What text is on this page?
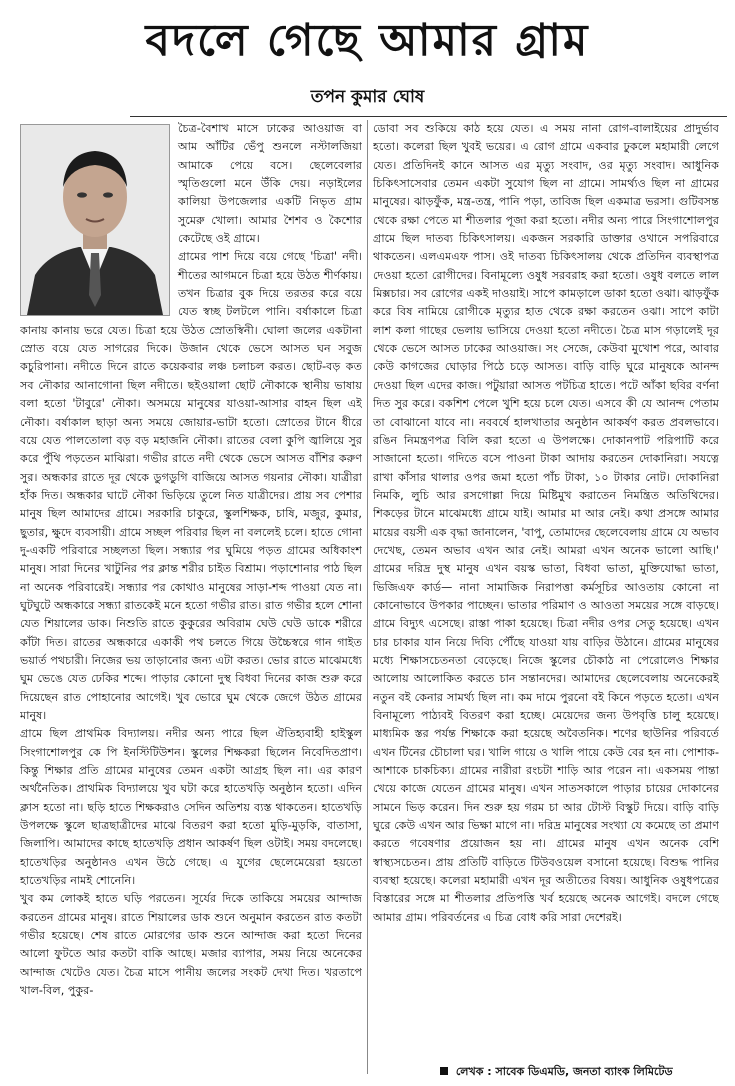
বদলে গেছে আমার গ্রাম
তপন কুমার ঘোষ

চৈত্র-বৈশাখ মাসে ঢাকের আওয়াজ বা আম আঁটির ভেঁপু শুনলে নস্টালজিয়া আমাকে পেয়ে বসে। ছেলেবেলার স্মৃতিগুলো মনে উঁকি দেয়। নড়াইলের কালিয়া উপজেলার একটি নিভৃত গ্রাম সুমেরু খোলা। আমার শৈশব ও কৈশোর কেটেছে ওই গ্রামে।

গ্রামের পাশ দিয়ে বয়ে গেছে 'চিত্রা' নদী। শীতের আগমনে চিত্রা হয়ে উঠত শীর্ণকায়। তখন চিত্রার বুক দিয়ে তরতর করে বয়ে যেত স্বচ্ছ টলটলে পানি। বর্ষাকালে চিত্রা কানায় কানায় ভরে যেত। চিত্রা হয়ে উঠত স্রোতস্বিনী। ঘোলা জলের একটানা স্রোত বয়ে যেত সাগরের দিকে। উজান থেকে ভেসে আসত ঘন সবুজ কচুরিপানা। নদীতে দিনে রাতে কয়েকবার লঞ্চ চলাচল করত। ছোট-বড় কত সব নৌকার আনাগোনা ছিল নদীতে। ছইওয়ালা ছোট নৌকাকে স্থানীয় ভাষায় বলা হতো 'টাবুরে' নৌকা। অসময়ে মানুষের যাওয়া-আসার বাহন ছিল এই নৌকা। বর্ষাকাল ছাড়া অন্য সময়ে জোয়ার-ভাটা হতো। স্রোতের টানে ধীরে বয়ে যেত পালতোলা বড় বড় মহাজনি নৌকা। রাতের বেলা কুপি জ্বালিয়ে সুর করে পুঁথি পড়তেন মাঝিরা। গভীর রাতে নদী থেকে ভেসে আসত বাঁশির করুণ সুর। অন্ধকার রাতে দূর থেকে ডুগডুগি বাজিয়ে আসত গয়নার নৌকা। যাত্রীরা হাঁক দিত। অন্ধকার ঘাটে নৌকা ভিড়িয়ে তুলে নিত যাত্রীদের। প্রায় সব পেশার মানুষ ছিল আমাদের গ্রামে। সরকারি চাকুরে, স্কুলশিক্ষক, চাষি, মজুর, কুমার, ছুতার, ক্ষুদে ব্যবসায়ী। গ্রামে সচ্ছল পরিবার ছিল না বললেই চলে। হাতে গোনা দু-একটি পরিবারে সচ্ছলতা ছিল। সন্ধ্যার পর ঘুমিয়ে পড়ত গ্রামের অধিকাংশ মানুষ। সারা দিনের খাটুনির পর ক্লান্ত শরীর চাইত বিশ্রাম। পড়াশোনার পাঠ ছিল না অনেক পরিবারেই। সন্ধ্যার পর কোথাও মানুষের সাড়া-শব্দ পাওয়া যেত না। ঘুটঘুটে অন্ধকারে সন্ধ্যা রাতকেই মনে হতো গভীর রাত। রাত গভীর হলে শোনা যেত শিয়ালের ডাক। নিশুতি রাতে কুকুরের অবিরাম ঘেউ ঘেউ ডাকে শরীরে কাঁটা দিত। রাতের অন্ধকারে একাকী পথ চলতে গিয়ে উচ্চৈস্বরে গান গাইত ভয়ার্ত পথচারী। নিজের ভয় তাড়ানোর জন্য এটা করত। ভোর রাতে মাঝেমধ্যে ঘুম ভেঙে যেত ঢেকির শব্দে। পাড়ার কোনো দুস্থ বিধবা দিনের কাজ শুরু করে দিয়েছেন রাত পোহানোর আগেই। খুব ভোরে ঘুম থেকে জেগে উঠত গ্রামের মানুষ।

গ্রামে ছিল প্রাথমিক বিদ্যালয়। নদীর অন্য পারে ছিল ঐতিহ্যবাহী হাইস্কুল সিংগাশোলপুর কে পি ইনস্টিটিউশন। স্কুলের শিক্ষকরা ছিলেন নিবেদিতপ্রাণ। কিন্তু শিক্ষার প্রতি গ্রামের মানুষের তেমন একটা আগ্রহ ছিল না। এর কারণ অর্থনৈতিক। প্রাথমিক বিদ্যালয়ে খুব ঘটা করে হাতেখড়ি অনুষ্ঠান হতো। এদিন ক্লাস হতো না। ছড়ি হাতে শিক্ষকরাও সেদিন অতিশয় ব্যস্ত থাকতেন। হাতেখড়ি উপলক্ষে স্কুলে ছাত্রছাত্রীদের মাঝে বিতরণ করা হতো মুড়ি-মুড়কি, বাতাসা, জিলাপি। আমাদের কাছে হাতেখড়ি প্রধান আকর্ষণ ছিল ওটাই। সময় বদলেছে। হাতেখড়ির অনুষ্ঠানও এখন উঠে গেছে। এ যুগের ছেলেমেয়েরা হয়তো হাতেখড়ির নামই শোনেনি।

খুব কম লোকই হাতে ঘড়ি পরতেন। সূর্যের দিকে তাকিয়ে সময়ের আন্দাজ করতেন গ্রামের মানুষ। রাতে শিয়ালের ডাক শুনে অনুমান করতেন রাত কতটা গভীর হয়েছে। শেষ রাতে মোরগের ডাক শুনে আন্দাজ করা হতো দিনের আলো ফুটতে আর কতটা বাকি আছে। মজার ব্যাপার, সময় নিয়ে অনেকের আন্দাজ খেটেও যেত। চৈত্র মাসে পানীয় জলের সংকট দেখা দিত। খরতাপে খাল-বিল, পুকুর-

ডোবা সব শুকিয়ে কাঠ হয়ে যেত। এ সময় নানা রোগ-বালাইয়ের প্রাদুর্ভাব হতো। কলেরা ছিল খুবই ভয়ের। এ রোগ গ্রামে একবার ঢুকলে মহামারী লেগে যেত। প্রতিদিনই কানে আসত এর মৃত্যু সংবাদ, ওর মৃত্যু সংবাদ। আধুনিক চিকিৎসাসেবার তেমন একটা সুযোগ ছিল না গ্রামে। সামর্থ্যও ছিল না গ্রামের মানুষের। ঝাড়ফুঁক, মন্ত্র-তন্ত্র, পানি পড়া, তাবিজ ছিল একমাত্র ভরসা। গুটিবসন্ত থেকে রক্ষা পেতে মা শীতলার পূজা করা হতো। নদীর অন্য পারে সিংগাশোলপুর গ্রামে ছিল দাতব্য চিকিৎসালয়। একজন সরকারি ডাক্তার ওখানে সপরিবারে থাকতেন। এলএমএফ পাস। ওই দাতব্য চিকিৎসালয় থেকে প্রতিদিন ব্যবস্থাপত্র দেওয়া হতো রোগীদের। বিনামূল্যে ওষুধ সরবরাহ করা হতো। ওষুধ বলতে লাল মিক্সচার। সব রোগের একই দাওয়াই। সাপে কামড়ালে ডাকা হতো ওঝা। ঝাড়ফুঁক করে বিষ নামিয়ে রোগীকে মৃত্যুর হাত থেকে রক্ষা করতেন ওঝা। সাপে কাটা লাশ কলা গাছের ভেলায় ভাসিয়ে দেওয়া হতো নদীতে। চৈত্র মাস গড়ালেই দূর থেকে ভেসে আসত ঢাকের আওয়াজ। সং সেজে, কেউবা মুখোশ পরে, আবার কেউ কাগজের ঘোড়ার পিঠে চড়ে আসত। বাড়ি বাড়ি ঘুরে মানুষকে আনন্দ দেওয়া ছিল এদের কাজ। পটুয়ারা আসত পটচিত্র হাতে। পটে আঁকা ছবির বর্ণনা দিত সুর করে। বকশিশ পেলে খুশি হয়ে চলে যেত। এসবে কী যে আনন্দ পেতাম তা বোঝানো যাবে না। নববর্ষে হালখাতার অনুষ্ঠান আকর্ষণ করত প্রবলভাবে। রঙিন নিমন্ত্রণপত্র বিলি করা হতো এ উপলক্ষে। দোকানপাট পরিপাটি করে সাজানো হতো। গদিতে বসে পাওনা টাকা আদায় করতেন দোকানিরা। সযত্নে রাখা কাঁসার থালার ওপর জমা হতো পাঁচ টাকা, ১০ টাকার নোট। দোকানিরা নিমকি, লুচি আর রসগোল্লা দিয়ে মিষ্টিমুখ করাতেন নিমন্ত্রিত অতিথিদের। শিকড়ের টানে মাঝেমধ্যে গ্রামে যাই। আমার মা আর নেই। কথা প্রসঙ্গে আমার মায়ের বয়সী এক বৃদ্ধা জানালেন, 'বাপু, তোমাদের ছেলেবেলায় গ্রামে যে অভাব দেখেছ, তেমন অভাব এখন আর নেই। আমরা এখন অনেক ভালো আছি।' গ্রামের দরিদ্র দুস্থ মানুষ এখন বয়স্ক ভাতা, বিধবা ভাতা, মুক্তিযোদ্ধা ভাতা, ভিজিএফ কার্ড— নানা সামাজিক নিরাপত্তা কর্মসূচির আওতায় কোনো না কোনোভাবে উপকার পাচ্ছেন। ভাতার পরিমাণ ও আওতা সময়ের সঙ্গে বাড়ছে। গ্রামে বিদ্যুৎ এসেছে। রাস্তা পাকা হয়েছে। চিত্রা নদীর ওপর সেতু হয়েছে। এখন চার চাকার যান নিয়ে দিব্যি পৌঁছে যাওয়া যায় বাড়ির উঠানে। গ্রামের মানুষের মধ্যে শিক্ষাসচেতনতা বেড়েছে। নিজে স্কুলের চৌকাঠ না পেরোলেও শিক্ষার আলোয় আলোকিত করতে চান সন্তানদের। আমাদের ছেলেবেলায় অনেকেরই নতুন বই কেনার সামর্থ্য ছিল না। কম দামে পুরনো বই কিনে পড়তে হতো। এখন বিনামূল্যে পাঠ্যবই বিতরণ করা হচ্ছে। মেয়েদের জন্য উপবৃত্তি চালু হয়েছে। মাধ্যমিক স্তর পর্যন্ত শিক্ষাকে করা হয়েছে অবৈতনিক। শণের ছাউনির পরিবর্তে এখন টিনের চৌচালা ঘর। খালি গায়ে ও খালি পায়ে কেউ বের হন না। পোশাক-আশাকে চাকচিক্য। গ্রামের নারীরা রংচটা শাড়ি আর পরেন না। একসময় পান্তা খেয়ে কাজে যেতেন গ্রামের মানুষ। এখন সাতসকালে পাড়ার চায়ের দোকানের সামনে ভিড় করেন। দিন শুরু হয় গরম চা আর টোস্ট বিস্কুট দিয়ে। বাড়ি বাড়ি ঘুরে কেউ এখন আর ভিক্ষা মাগে না। দরিদ্র মানুষের সংখ্যা যে কমেছে তা প্রমাণ করতে গবেষণার প্রয়োজন হয় না। গ্রামের মানুষ এখন অনেক বেশি স্বাস্থ্যসচেতন। প্রায় প্রতিটি বাড়িতে টিউবওয়েল বসানো হয়েছে। বিশুদ্ধ পানির ব্যবস্থা হয়েছে। কলেরা মহামারী এখন দূর অতীতের বিষয়। আধুনিক ওষুধপত্রের বিস্তারের সঙ্গে মা শীতলার প্রতিপত্তি খর্ব হয়েছে অনেক আগেই। বদলে গেছে আমার গ্রাম। পরিবর্তনের এ চিত্র বোধ করি সারা দেশেরই।

লেখক : সাবেক ডিএমডি, জনতা ব্যাংক লিমিটেড
